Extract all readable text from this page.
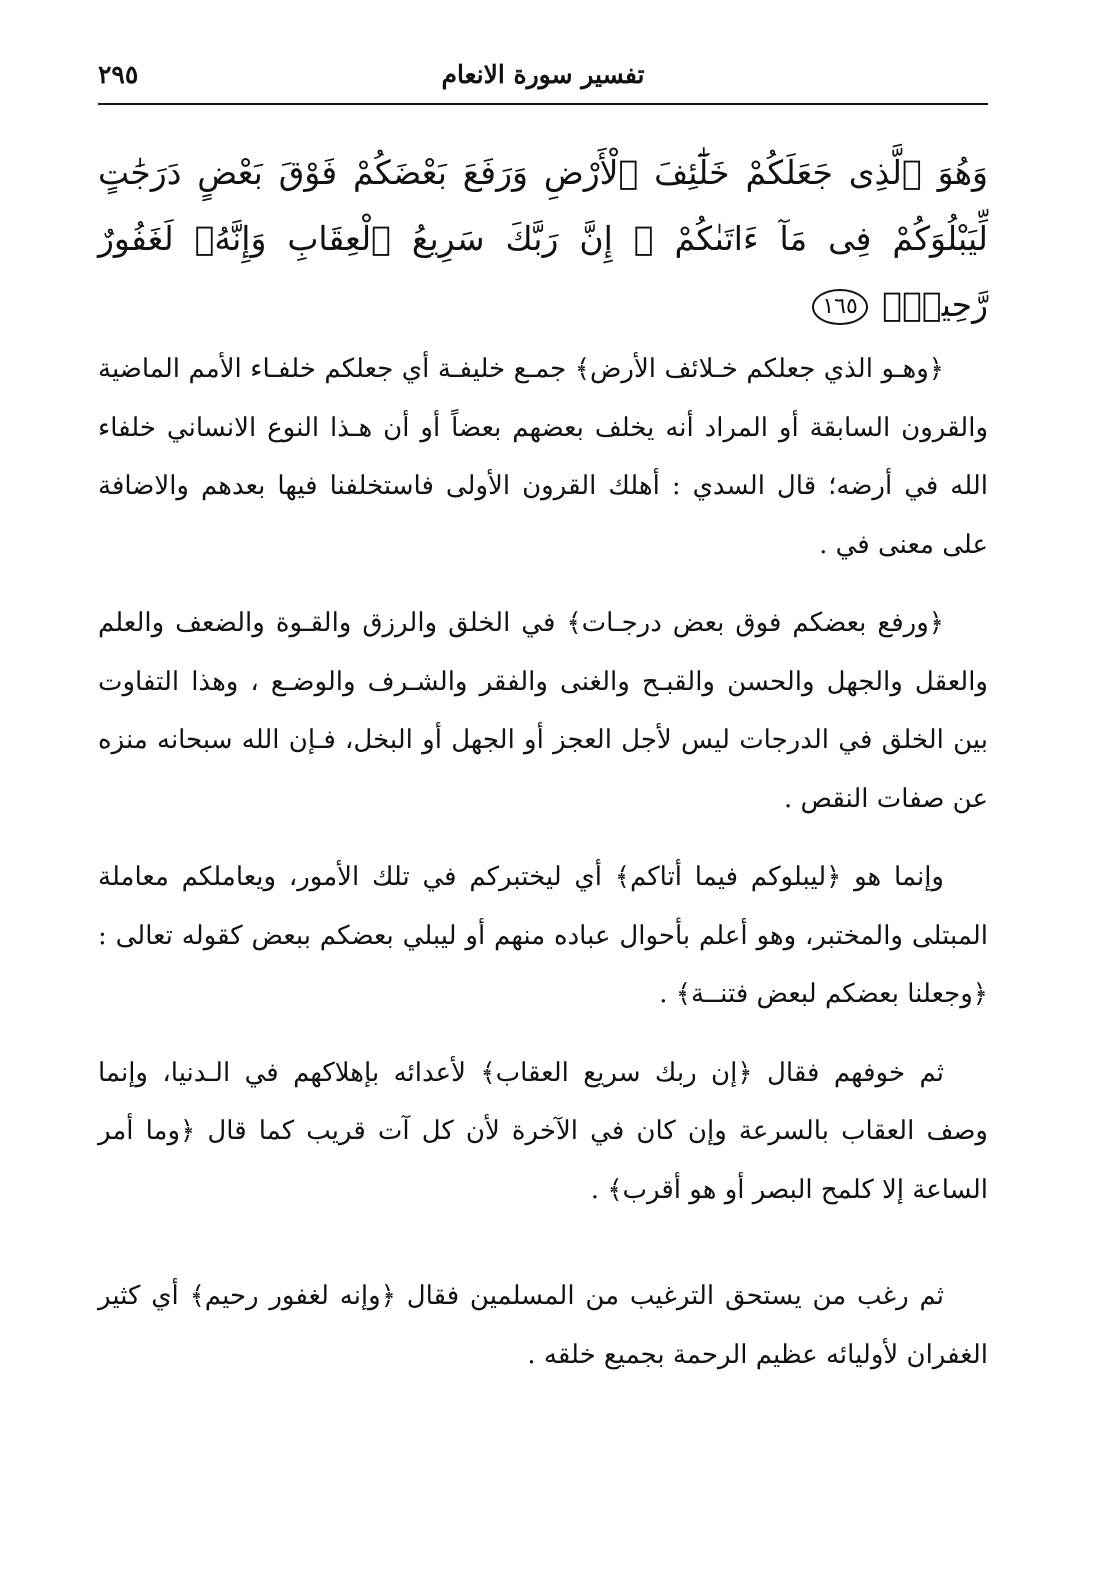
تفسير سورة الانعام
٢٩٥
وَهُوَ ٱلَّذِى جَعَلَكُمْ خَلَٰٓئِفَ ٱلْأَرْضِ وَرَفَعَ بَعْضَكُمْ فَوْقَ بَعْضٍ دَرَجَٰتٍ لِّيَبْلُوَكُمْ فِى مَآ ءَاتَىٰكُمْ ۗ إِنَّ رَبَّكَ سَرِيعُ ٱلْعِقَابِ وَإِنَّهُۥ لَغَفُورٌ رَّحِيمٌۢ ١٦٥

﴿وهـو الذي جعلكم خـلائف الأرض﴾ جمـع خليفـة أي جعلكم خلفـاء الأمم الماضية والقرون السابقة أو المراد أنه يخلف بعضهم بعضاً أو أن هـذا النوع الانساني خلفاء الله في أرضه؛ قال السدي : أهلك القرون الأولى فاستخلفنا فيها بعدهم والاضافة على معنى في .

﴿ورفع بعضكم فوق بعض درجـات﴾ في الخلق والرزق والقـوة والضعف والعلم والعقل والجهل والحسن والقبـح والغنى والفقر والشـرف والوضـع ، وهذا التفاوت بين الخلق في الدرجات ليس لأجل العجز أو الجهل أو البخل، فـإن الله سبحانه منزه عن صفات النقص .

وإنما هو ﴿ليبلوكم فيما أتاكم﴾ أي ليختبركم في تلك الأمور، ويعاملكم معاملة المبتلى والمختبر، وهو أعلم بأحوال عباده منهم أو ليبلي بعضكم ببعض كقوله تعالى : ﴿وجعلنا بعضكم لبعض فتنــة﴾ .

ثم خوفهم فقال ﴿إن ربك سريع العقاب﴾ لأعدائه بإهلاكهم في الـدنيا، وإنما وصف العقاب بالسرعة وإن كان في الآخرة لأن كل آت قريب كما قال ﴿وما أمر الساعة إلا كلمح البصر أو هو أقرب﴾ .

ثم رغب من يستحق الترغيب من المسلمين فقال ﴿وإنه لغفور رحيم﴾ أي كثير الغفران لأوليائه عظيم الرحمة بجميع خلقه .
